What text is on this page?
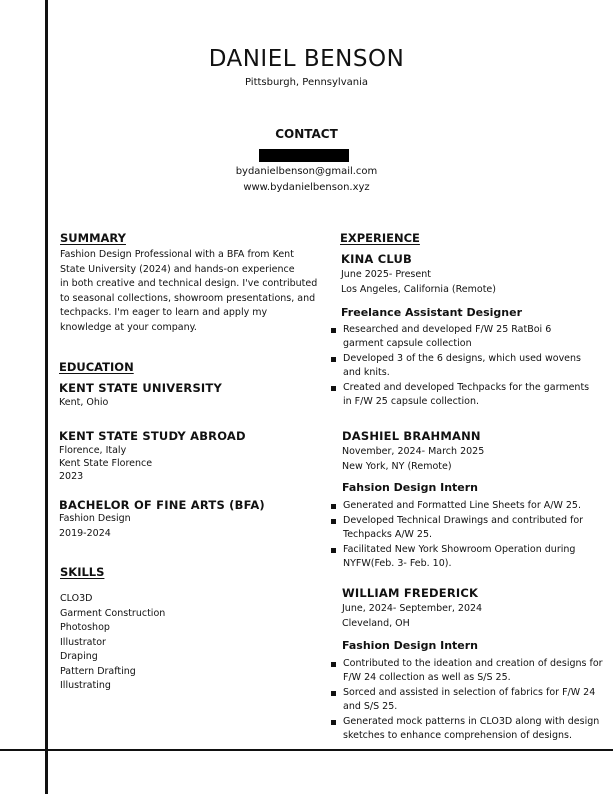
DANIEL BENSON
Pittsburgh, Pennsylvania
CONTACT
bydanielbenson@gmail.com
www.bydanielbenson.xyz
SUMMARY
Fashion Design Professional with a BFA from Kent
State University (2024) and hands-on experience
in both creative and technical design. I've contributed
to seasonal collections, showroom presentations, and
techpacks. I'm eager to learn and apply my
knowledge at your company.
EDUCATION
KENT STATE UNIVERSITY
Kent, Ohio
KENT STATE STUDY ABROAD
Florence, Italy
Kent State Florence
2023
BACHELOR OF FINE ARTS (BFA)
Fashion Design
2019-2024
SKILLS
CLO3D
Garment Construction
Photoshop
Illustrator
Draping
Pattern Drafting
Illustrating
EXPERIENCE
KINA CLUB
June 2025- Present
Los Angeles, California (Remote)
Freelance Assistant Designer
Researched and developed F/W 25 RatBoi 6
garment capsule collection
Developed 3 of the 6 designs, which used wovens
and knits.
Created and developed Techpacks for the garments
in F/W 25 capsule collection.
DASHIEL BRAHMANN
November, 2024- March 2025
New York, NY (Remote)
Fahsion Design Intern
Generated and Formatted Line Sheets for A/W 25.
Developed Technical Drawings and contributed for
Techpacks A/W 25.
Facilitated New York Showroom Operation during
NYFW(Feb. 3- Feb. 10).
WILLIAM FREDERICK
June, 2024- September, 2024
Cleveland, OH
Fashion Design Intern
Contributed to the ideation and creation of designs for
F/W 24 collection as well as S/S 25.
Sorced and assisted in selection of fabrics for F/W 24
and S/S 25.
Generated mock patterns in CLO3D along with design
sketches to enhance comprehension of designs.
